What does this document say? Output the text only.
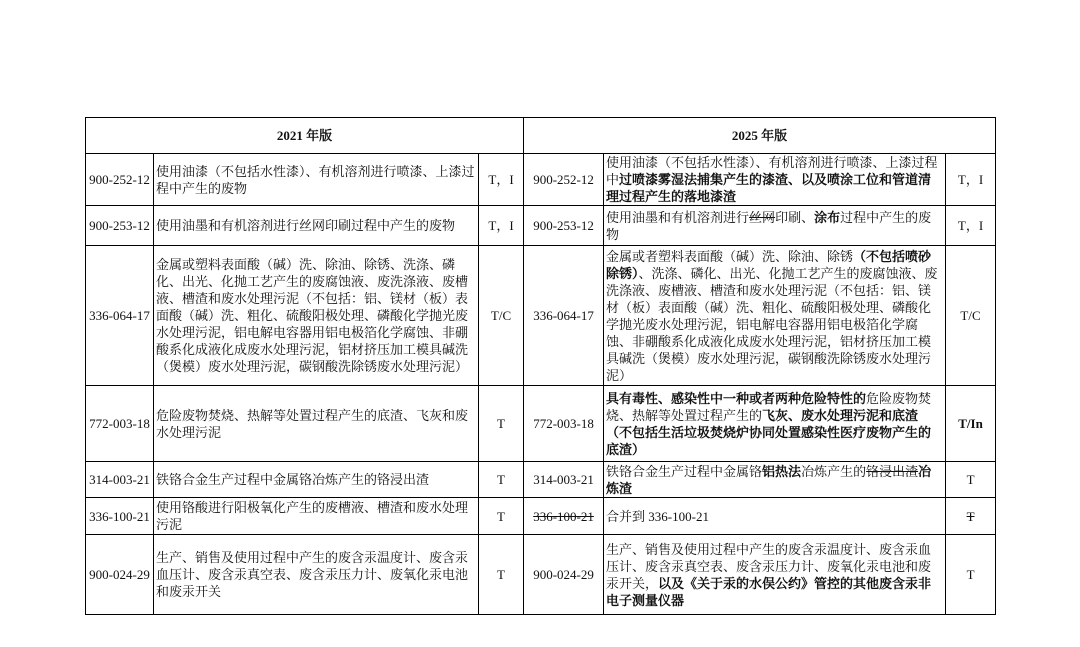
2021 年版			2025 年版		
900-252-12	使用油漆（不包括水性漆）、有机溶剂进行喷漆、上漆过程中产生的废物	T，I	900-252-12	使用油漆（不包括水性漆）、有机溶剂进行喷漆、上漆过程中过喷漆雾湿法捕集产生的漆渣、以及喷涂工位和管道清理过程产生的落地漆渣	T，I
900-253-12	使用油墨和有机溶剂进行丝网印刷过程中产生的废物	T，I	900-253-12	使用油墨和有机溶剂进行丝网印刷、涂布过程中产生的废物	T，I
336-064-17	金属或塑料表面酸（碱）洗、除油、除锈、洗涤、磷化、出光、化抛工艺产生的废腐蚀液、废洗涤液、废槽液、槽渣和废水处理污泥（不包括：铝、镁材（板）表面酸（碱）洗、粗化、硫酸阳极处理、磷酸化学抛光废水处理污泥，铝电解电容器用铝电极箔化学腐蚀、非硼酸系化成液化成废水处理污泥，铝材挤压加工模具碱洗（煲模）废水处理污泥，碳钢酸洗除锈废水处理污泥）	T/C	336-064-17	金属或者塑料表面酸（碱）洗、除油、除锈（不包括喷砂除锈）、洗涤、磷化、出光、化抛工艺产生的废腐蚀液、废洗涤液、废槽液、槽渣和废水处理污泥（不包括：铝、镁材（板）表面酸（碱）洗、粗化、硫酸阳极处理、磷酸化学抛光废水处理污泥，铝电解电容器用铝电极箔化学腐蚀、非硼酸系化成液化成废水处理污泥，铝材挤压加工模具碱洗（煲模）废水处理污泥，碳钢酸洗除锈废水处理污泥）	T/C
772-003-18	危险废物焚烧、热解等处置过程产生的底渣、飞灰和废水处理污泥	T	772-003-18	具有毒性、感染性中一种或者两种危险特性的危险废物焚烧、热解等处置过程产生的飞灰、废水处理污泥和底渣（不包括生活垃圾焚烧炉协同处置感染性医疗废物产生的底渣）	T/In
314-003-21	铁铬合金生产过程中金属铬冶炼产生的铬浸出渣	T	314-003-21	铁铬合金生产过程中金属铬铝热法冶炼产生的铬浸出渣冶炼渣	T
336-100-21	使用铬酸进行阳极氧化产生的废槽液、槽渣和废水处理污泥	T	336-100-21	合并到 336-100-21	T
900-024-29	生产、销售及使用过程中产生的废含汞温度计、废含汞血压计、废含汞真空表、废含汞压力计、废氧化汞电池和废汞开关	T	900-024-29	生产、销售及使用过程中产生的废含汞温度计、废含汞血压计、废含汞真空表、废含汞压力计、废氧化汞电池和废汞开关，以及《关于汞的水俣公约》管控的其他废含汞非电子测量仪器	T
